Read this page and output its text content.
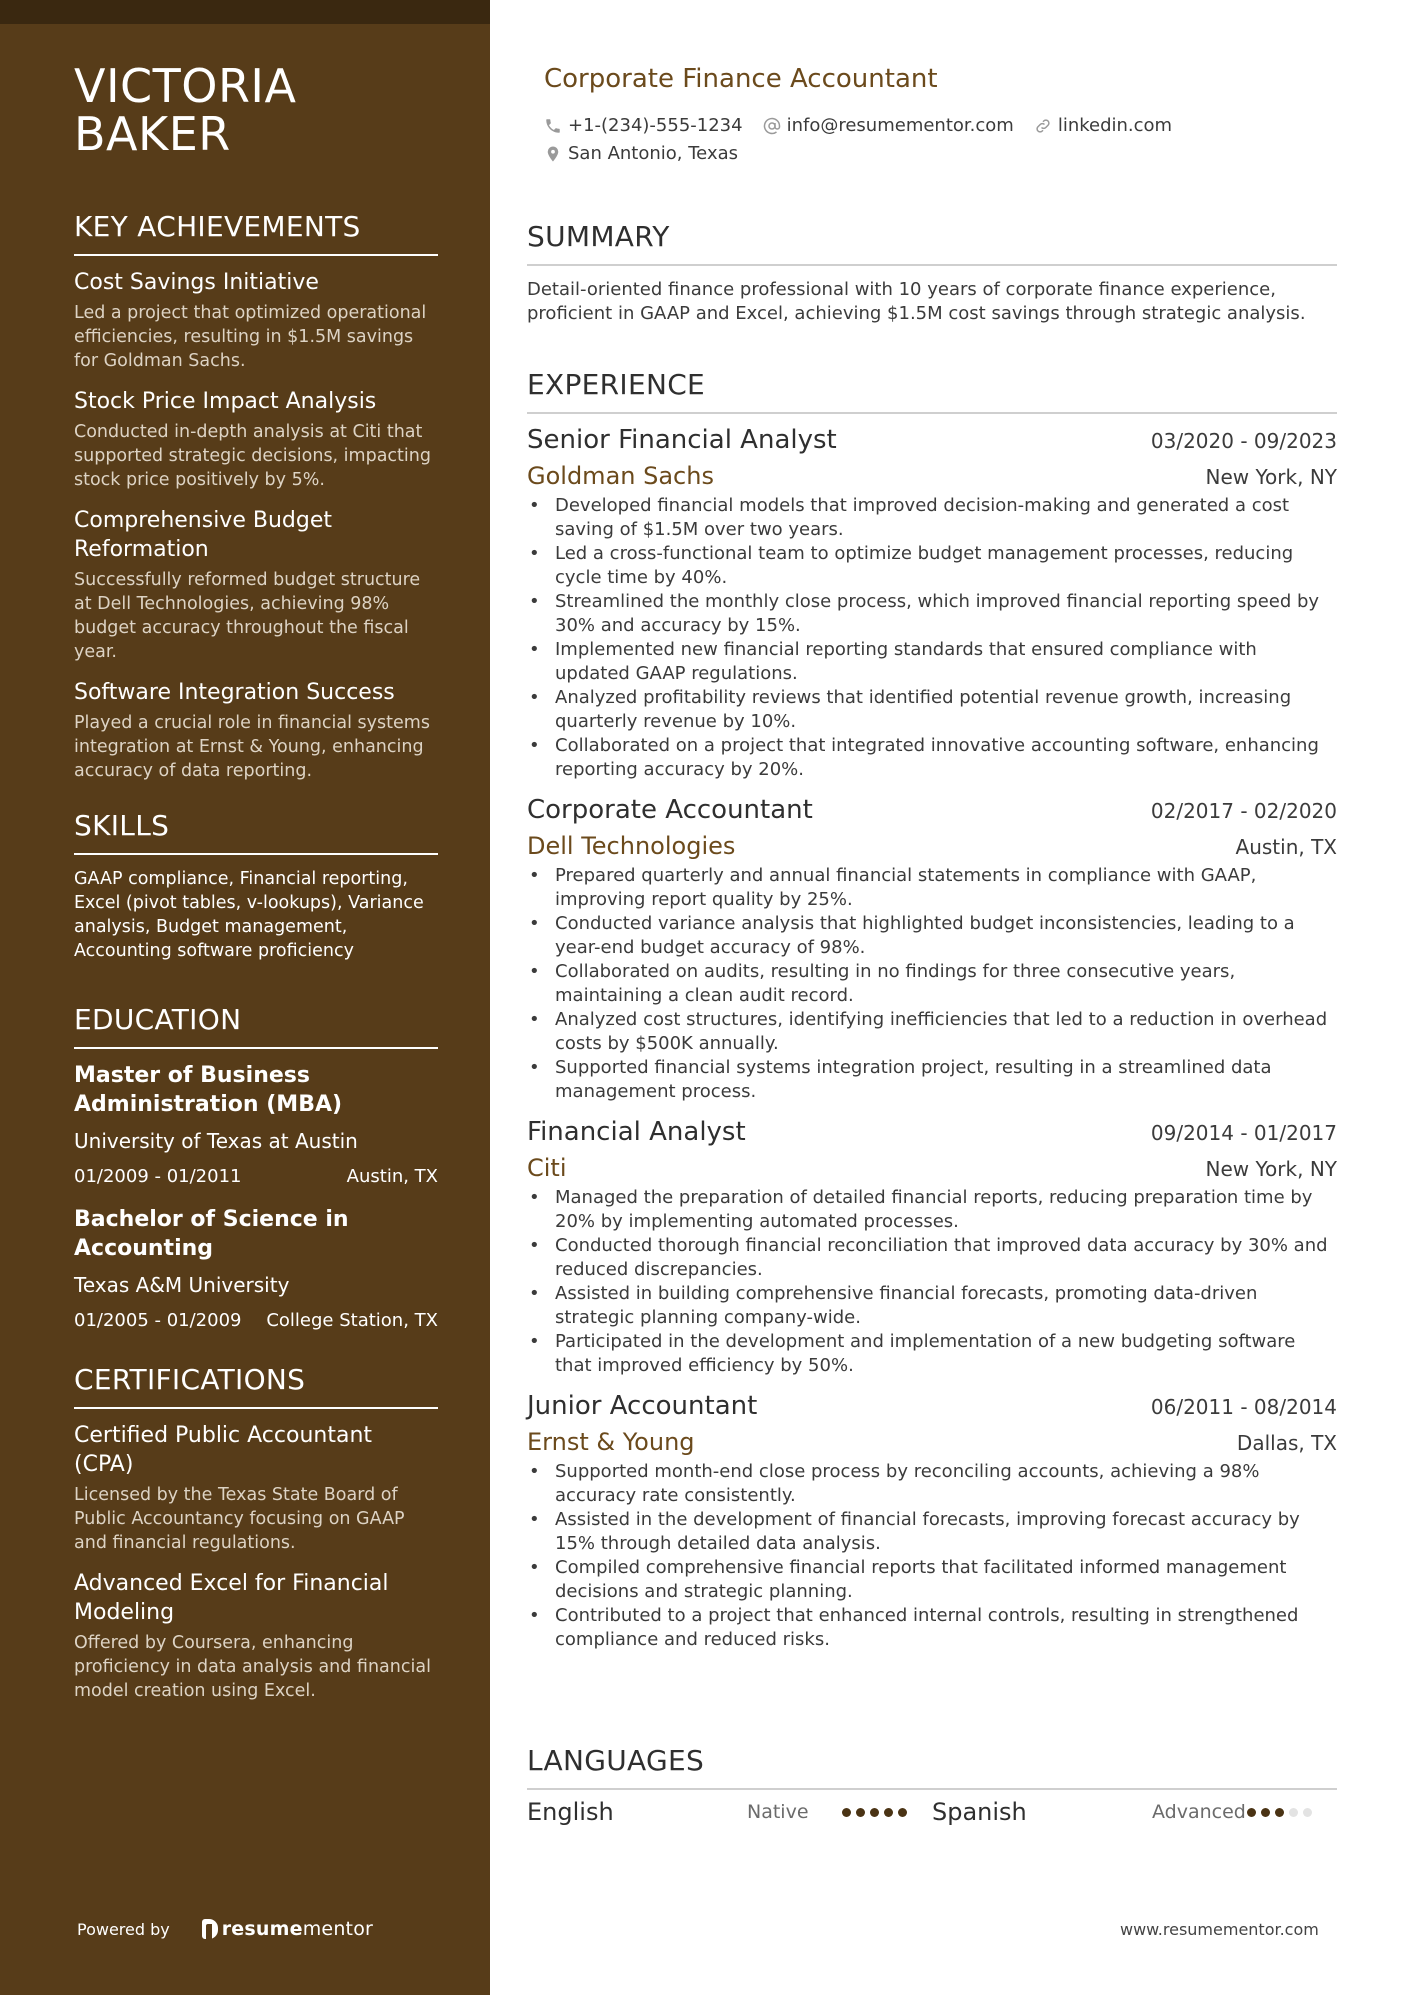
VICTORIA
BAKER
KEY ACHIEVEMENTS
Cost Savings Initiative
Led a project that optimized operational efficiencies, resulting in $1.5M savings for Goldman Sachs.
Stock Price Impact Analysis
Conducted in-depth analysis at Citi that supported strategic decisions, impacting stock price positively by 5%.
Comprehensive Budget Reformation
Successfully reformed budget structure at Dell Technologies, achieving 98% budget accuracy throughout the fiscal year.
Software Integration Success
Played a crucial role in financial systems integration at Ernst & Young, enhancing accuracy of data reporting.
SKILLS
GAAP compliance, Financial reporting, Excel (pivot tables, v-lookups), Variance analysis, Budget management, Accounting software proficiency
EDUCATION
Master of Business Administration (MBA)
University of Texas at Austin
01/2009 - 01/2011	Austin, TX
Bachelor of Science in Accounting
Texas A&M University
01/2005 - 01/2009 College Station, TX
CERTIFICATIONS
Certified Public Accountant (CPA)
Licensed by the Texas State Board of Public Accountancy focusing on GAAP and financial regulations.
Advanced Excel for Financial Modeling
Offered by Coursera, enhancing proficiency in data analysis and financial model creation using Excel.
Powered by	resume mentor
Corporate Finance Accountant
+1-(234)-555-1234 info@resumementor.com linkedin.com
San Antonio, Texas
SUMMARY
Detail-oriented finance professional with 10 years of corporate finance experience, proficient in GAAP and Excel, achieving $1.5M cost savings through strategic analysis.
EXPERIENCE
Senior Financial Analyst	03/2020 - 09/2023
Goldman Sachs	New York, NY
• Developed financial models that improved decision-making and generated a cost saving of $1.5M over two years.
• Led a cross-functional team to optimize budget management processes, reducing cycle time by 40%.
• Streamlined the monthly close process, which improved financial reporting speed by 30% and accuracy by 15%.
• Implemented new financial reporting standards that ensured compliance with updated GAAP regulations.
• Analyzed profitability reviews that identified potential revenue growth, increasing quarterly revenue by 10%.
• Collaborated on a project that integrated innovative accounting software, enhancing reporting accuracy by 20%.
Corporate Accountant	02/2017 - 02/2020
Dell Technologies	Austin, TX
• Prepared quarterly and annual financial statements in compliance with GAAP, improving report quality by 25%.
• Conducted variance analysis that highlighted budget inconsistencies, leading to a year-end budget accuracy of 98%.
• Collaborated on audits, resulting in no findings for three consecutive years, maintaining a clean audit record.
• Analyzed cost structures, identifying inefficiencies that led to a reduction in overhead costs by $500K annually.
• Supported financial systems integration project, resulting in a streamlined data management process.
Financial Analyst	09/2014 - 01/2017
Citi	New York, NY
• Managed the preparation of detailed financial reports, reducing preparation time by 20% by implementing automated processes.
• Conducted thorough financial reconciliation that improved data accuracy by 30% and reduced discrepancies.
• Assisted in building comprehensive financial forecasts, promoting data-driven strategic planning company-wide.
• Participated in the development and implementation of a new budgeting software that improved efficiency by 50%.
Junior Accountant	06/2011 - 08/2014
Ernst & Young	Dallas, TX
• Supported month-end close process by reconciling accounts, achieving a 98% accuracy rate consistently.
• Assisted in the development of financial forecasts, improving forecast accuracy by 15% through detailed data analysis.
• Compiled comprehensive financial reports that facilitated informed management decisions and strategic planning.
• Contributed to a project that enhanced internal controls, resulting in strengthened compliance and reduced risks.
LANGUAGES
English	Native	Spanish	Advanced
www.resumementor.com
